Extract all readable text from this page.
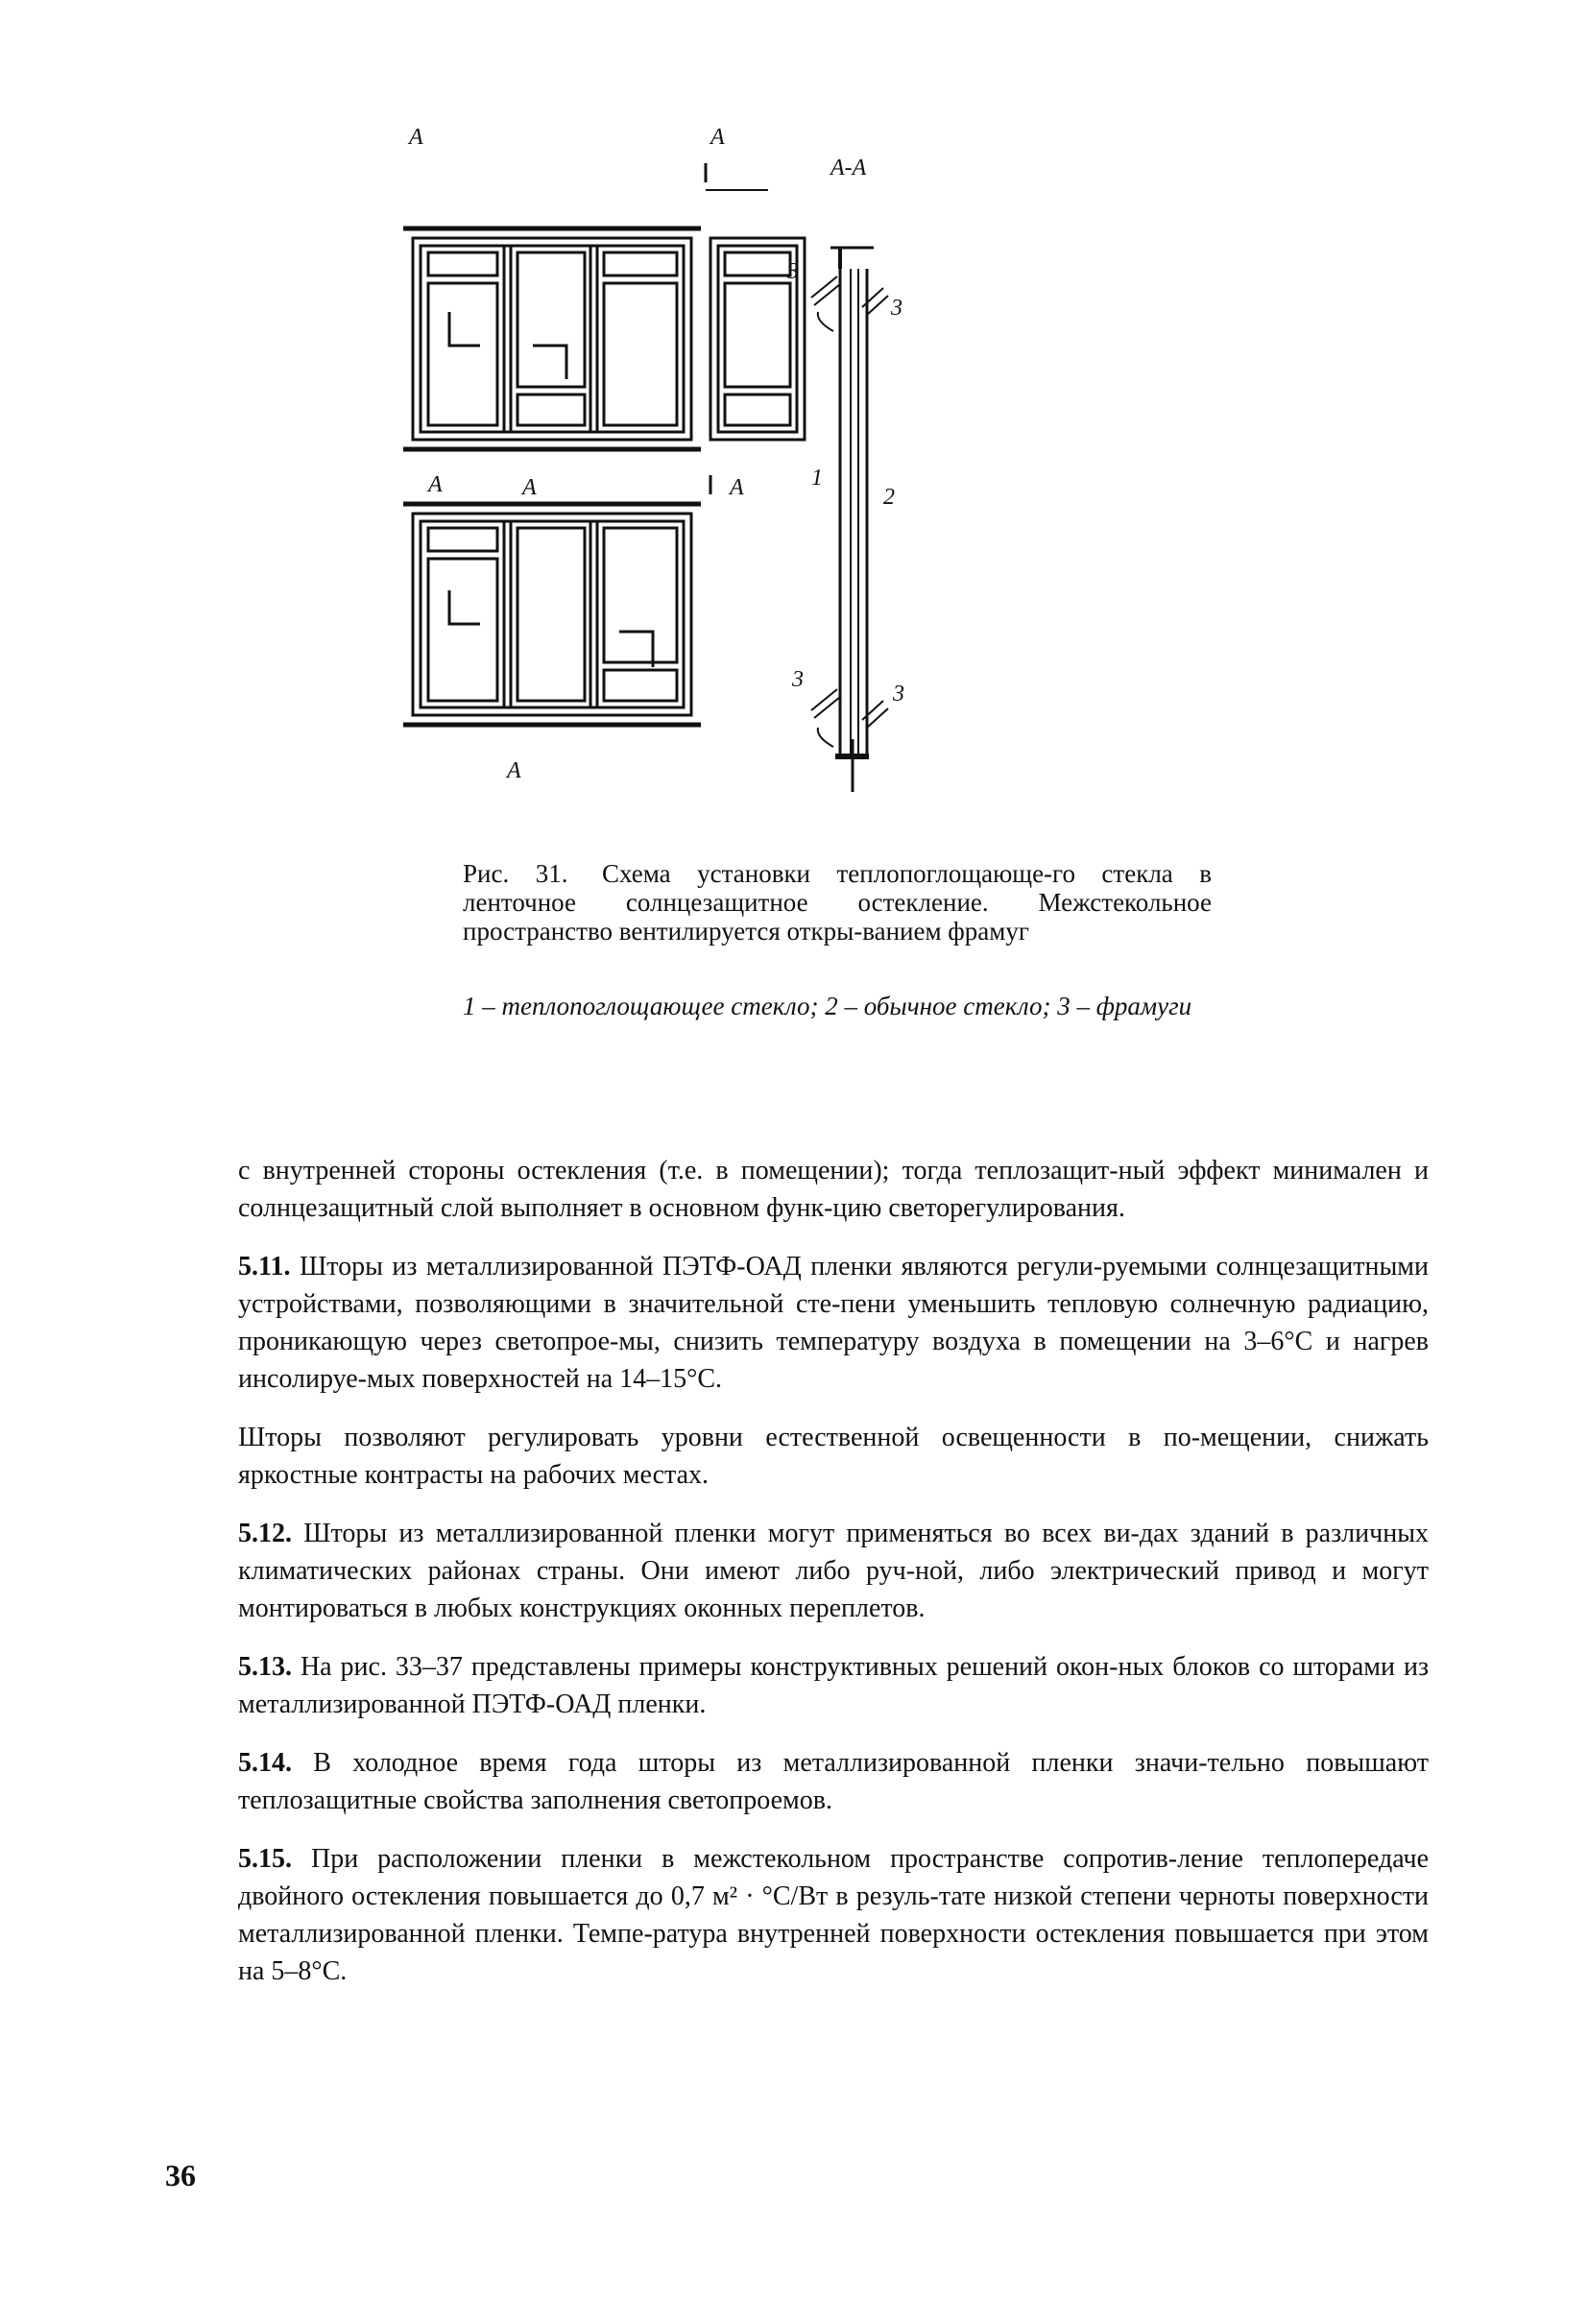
A	A
A
A	A
A
А-А
3
3
1
2
3
3
Рис. 31. Схема установки теплопоглощающе-го стекла в ленточное солнцезащитное остекление. Межстекольное пространство вентилируется откры-ванием фрамуг
1 – теплопоглощающее стекло; 2 – обычное стекло; 3 – фрамуги

с внутренней стороны остекления (т.е. в помещении); тогда теплозащит-ный эффект минимален и солнцезащитный слой выполняет в основном функ-цию светорегулирования.

5.11. Шторы из металлизированной ПЭТФ-ОАД пленки являются регули-руемыми солнцезащитными устройствами, позволяющими в значительной сте-пени уменьшить тепловую солнечную радиацию, проникающую через светопрое-мы, снизить температуру воздуха в помещении на 3–6°С и нагрев инсолируе-мых поверхностей на 14–15°С.

Шторы позволяют регулировать уровни естественной освещенности в по-мещении, снижать яркостные контрасты на рабочих местах.

5.12. Шторы из металлизированной пленки могут применяться во всех ви-дах зданий в различных климатических районах страны. Они имеют либо руч-ной, либо электрический привод и могут монтироваться в любых конструкциях оконных переплетов.

5.13. На рис. 33–37 представлены примеры конструктивных решений окон-ных блоков со шторами из металлизированной ПЭТФ-ОАД пленки.

5.14. В холодное время года шторы из металлизированной пленки значи-тельно повышают теплозащитные свойства заполнения светопроемов.

5.15. При расположении пленки в межстекольном пространстве сопротив-ление теплопередаче двойного остекления повышается до 0,7 м² · °С/Вт в резуль-тате низкой степени черноты поверхности металлизированной пленки. Темпе-ратура внутренней поверхности остекления повышается при этом на 5–8°С.

36
